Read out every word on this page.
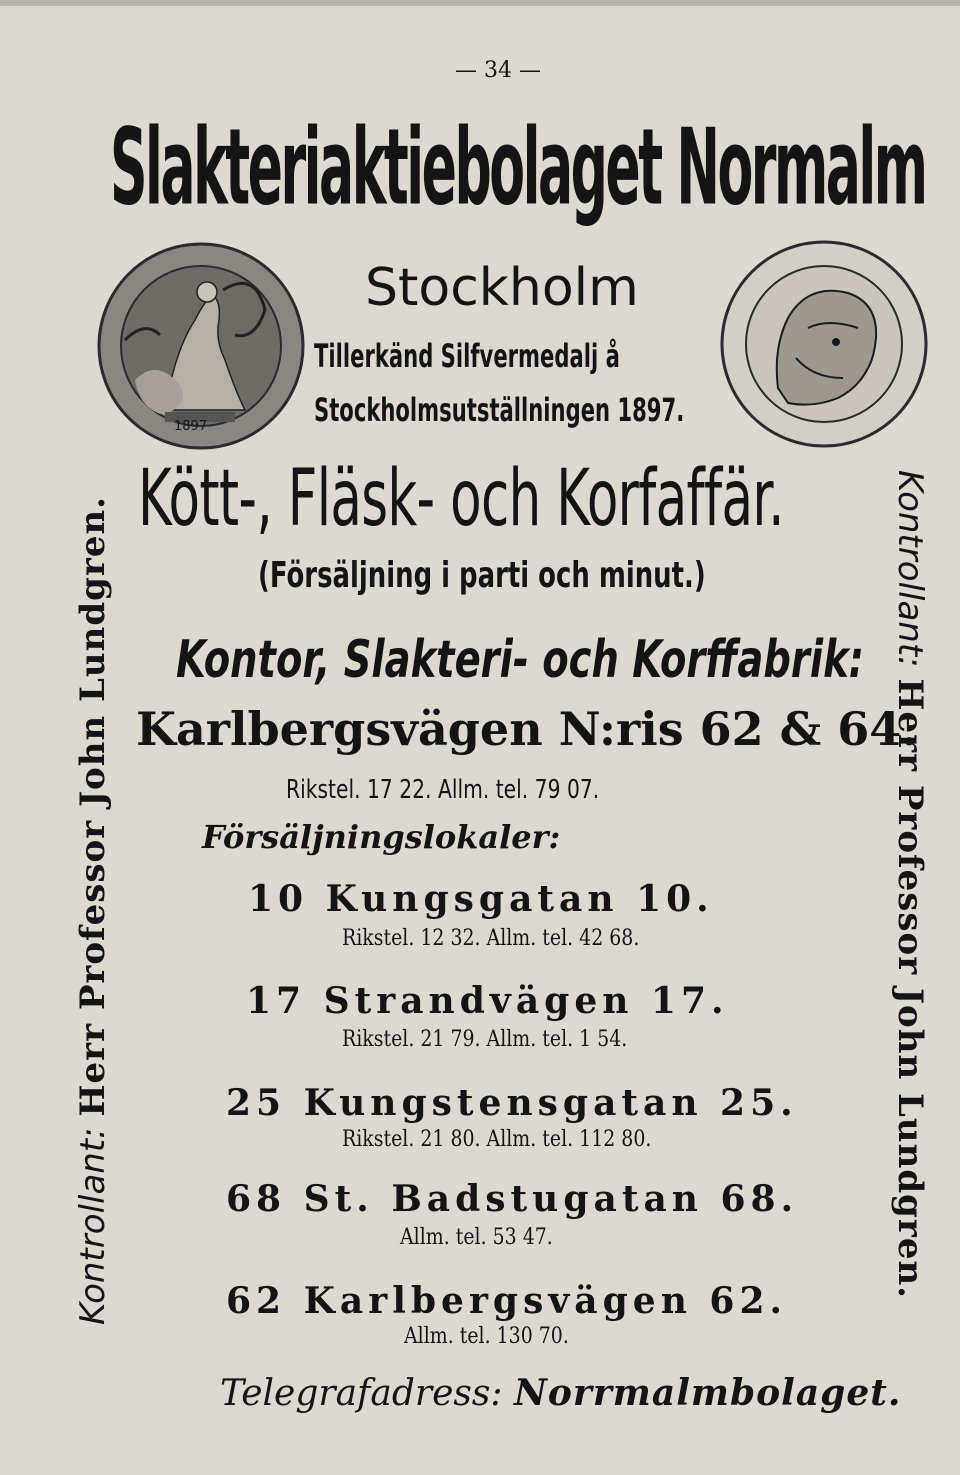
— 34 —
Slakteriaktiebolaget Normalm
1897
Stockholm
Tillerkänd Silfvermedalj å
Stockholmsutställningen 1897.
Kött-, Fläsk- och Korfaffär.
(Försäljning i parti och minut.)
Kontor, Slakteri- och Korffabrik:
Karlbergsvägen N:ris 62 & 64.
Rikstel. 17 22. Allm. tel. 79 07.
Försäljningslokaler:
10 Kungsgatan 10.
Rikstel. 12 32. Allm. tel. 42 68.
17 Strandvägen 17.
Rikstel. 21 79. Allm. tel. 1 54.
25 Kungstensgatan 25.
Rikstel. 21 80. Allm. tel. 112 80.
68 St. Badstugatan 68.
Allm. tel. 53 47.
62 Karlbergsvägen 62.
Allm. tel. 130 70.
Telegrafadress: Norrmalmbolaget.
Kontrollant: Herr Professor John Lundgren.	Kontrollant: Herr Professor John Lundgren.
